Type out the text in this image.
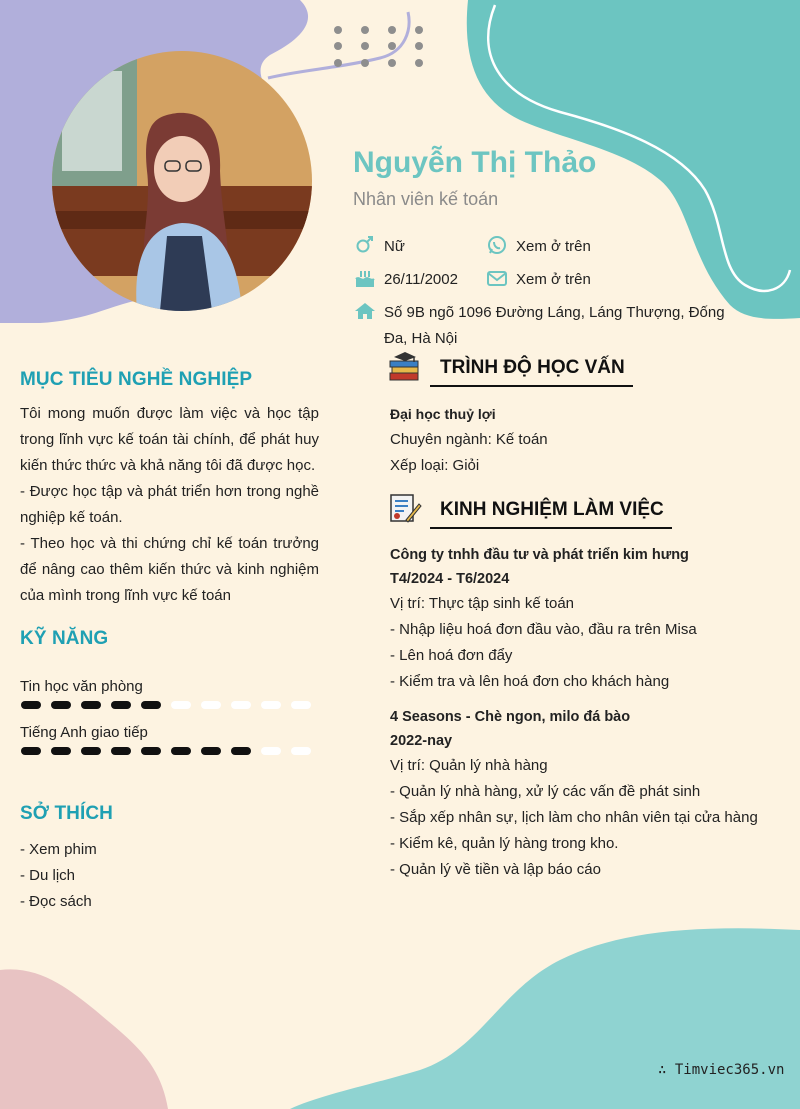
Nguyễn Thị Thảo
Nhân viên kế toán
Nữ	Xem ở trên
26/11/2002	Xem ở trên
Số 9B ngõ 1096 Đường Láng, Láng Thượng, Đống Đa, Hà Nội
MỤC TIÊU NGHỀ NGHIỆP
Tôi mong muốn được làm việc và học tập trong lĩnh vực kế toán tài chính, để phát huy kiến thức thức và khả năng tôi đã được học.
- Được học tập và phát triển hơn trong nghề nghiệp kế toán.
- Theo học và thi chứng chỉ kế toán trưởng để nâng cao thêm kiến thức và kinh nghiệm của mình trong lĩnh vực kế toán
KỸ NĂNG
Tin học văn phòng
Tiếng Anh giao tiếp
SỞ THÍCH
- Xem phim
- Du lịch
- Đọc sách
TRÌNH ĐỘ HỌC VẤN
Đại học thuỷ lợi
Chuyên ngành: Kế toán
Xếp loại: Giỏi
KINH NGHIỆM LÀM VIỆC
Công ty tnhh đầu tư và phát triển kim hưng
T4/2024 - T6/2024
Vị trí: Thực tập sinh kế toán
- Nhập liệu hoá đơn đầu vào, đầu ra trên Misa
- Lên hoá đơn đẩy
- Kiểm tra và lên hoá đơn cho khách hàng
4 Seasons - Chè ngon, milo đá bào
2022-nay
Vị trí: Quản lý nhà hàng
- Quản lý nhà hàng, xử lý các vấn đề phát sinh
- Sắp xếp nhân sự, lịch làm cho nhân viên tại cửa hàng
- Kiểm kê, quản lý hàng trong kho.
- Quản lý về tiền và lập báo cáo
∴ Timviec365.vn
